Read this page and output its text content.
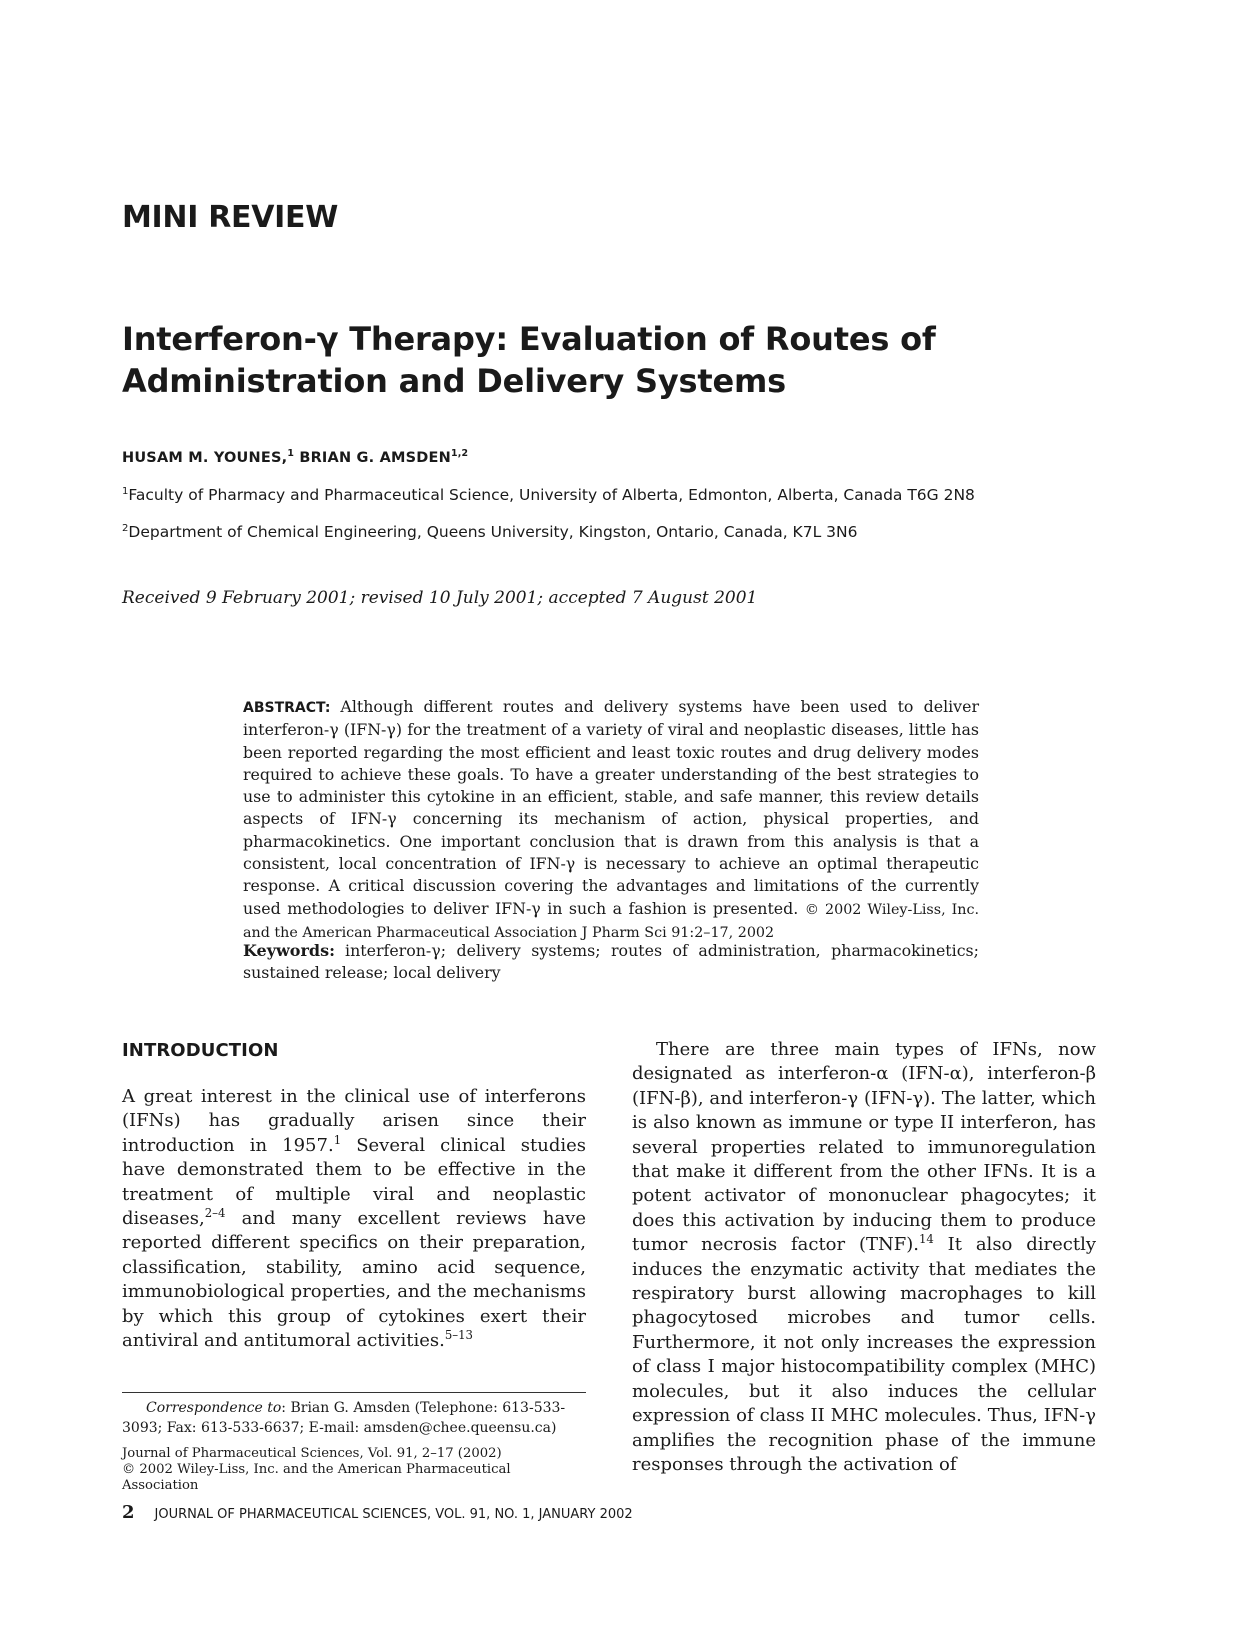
MINI REVIEW
Interferon-γ Therapy: Evaluation of Routes of Administration and Delivery Systems
HUSAM M. YOUNES,$^1$ BRIAN G. AMSDEN$^{1,2}$
$^1$Faculty of Pharmacy and Pharmaceutical Science, University of Alberta, Edmonton, Alberta, Canada T6G 2N8
$^2$Department of Chemical Engineering, Queens University, Kingston, Ontario, Canada, K7L 3N6
Received 9 February 2001; revised 10 July 2001; accepted 7 August 2001
ABSTRACT: Although different routes and delivery systems have been used to deliver interferon-γ (IFN-γ) for the treatment of a variety of viral and neoplastic diseases, little has been reported regarding the most efficient and least toxic routes and drug delivery modes required to achieve these goals. To have a greater understanding of the best strategies to use to administer this cytokine in an efficient, stable, and safe manner, this review details aspects of IFN-γ concerning its mechanism of action, physical properties, and pharmacokinetics. One important conclusion that is drawn from this analysis is that a consistent, local concentration of IFN-γ is necessary to achieve an optimal therapeutic response. A critical discussion covering the advantages and limitations of the currently used methodologies to deliver IFN-γ in such a fashion is presented. © 2002 Wiley-Liss, Inc. and the American Pharmaceutical Association J Pharm Sci 91:2–17, 2002
Keywords: interferon-γ; delivery systems; routes of administration, pharmacokinetics; sustained release; local delivery
INTRODUCTION

A great interest in the clinical use of interferons (IFNs) has gradually arisen since their introduction in 1957.$^1$ Several clinical studies have demonstrated them to be effective in the treatment of multiple viral and neoplastic diseases,$^{2-4}$ and many excellent reviews have reported different specifics on their preparation, classification, stability, amino acid sequence, immunobiological properties, and the mechanisms by which this group of cytokines exert their antiviral and antitumoral activities.$^{5-13}$

There are three main types of IFNs, now designated as interferon-α (IFN-α), interferon-β (IFN-β), and interferon-γ (IFN-γ). The latter, which is also known as immune or type II interferon, has several properties related to immunoregulation that make it different from the other IFNs. It is a potent activator of mononuclear phagocytes; it does this activation by inducing them to produce tumor necrosis factor (TNF).$^{14}$ It also directly induces the enzymatic activity that mediates the respiratory burst allowing macrophages to kill phagocytosed microbes and tumor cells. Furthermore, it not only increases the expression of class I major histocompatibility complex (MHC) molecules, but it also induces the cellular expression of class II MHC molecules. Thus, IFN-γ amplifies the recognition phase of the immune responses through the activation of

Correspondence to: Brian G. Amsden (Telephone: 613-533-3093; Fax: 613-533-6637; E-mail: amsden@chee.queensu.ca)

Journal of Pharmaceutical Sciences, Vol. 91, 2–17 (2002)
© 2002 Wiley-Liss, Inc. and the American Pharmaceutical Association

2 JOURNAL OF PHARMACEUTICAL SCIENCES, VOL. 91, NO. 1, JANUARY 2002
